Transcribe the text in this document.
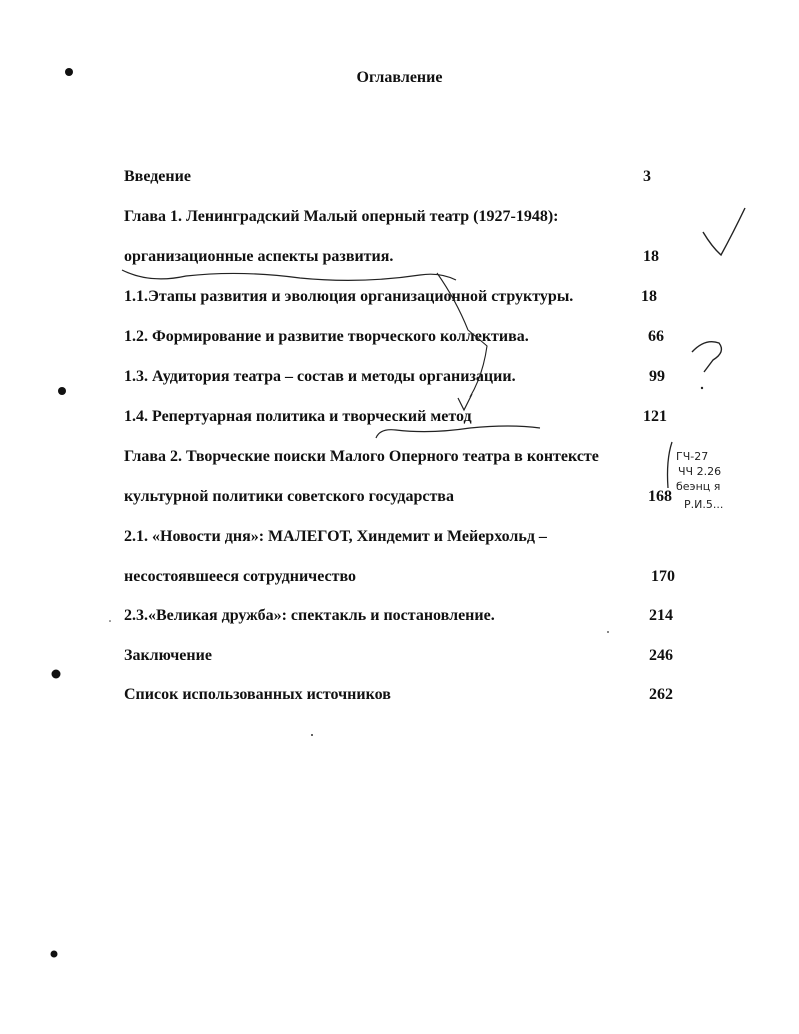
Оглавление
Введение	3
Глава 1. Ленинградский Малый оперный театр (1927-1948):
организационные аспекты развития.	18
1.1.Этапы развития и эволюция организационной структуры.	18
1.2. Формирование и развитие творческого коллектива.	66
1.3. Аудитория театра – состав и методы организации.	99
1.4. Репертуарная политика и творческий метод	121
Глава 2. Творческие поиски Малого Оперного театра в контексте
культурной политики советского государства	168
2.1. «Новости дня»: МАЛЕГОТ, Хиндемит и Мейерхольд –
несостоявшееся сотрудничество	170
2.3.«Великая дружба»: спектакль и постановление.	214
Заключение	246
Список использованных источников	262
ГЧ-27
ЧЧ 2.26
беэнц я
Р.И.5...
